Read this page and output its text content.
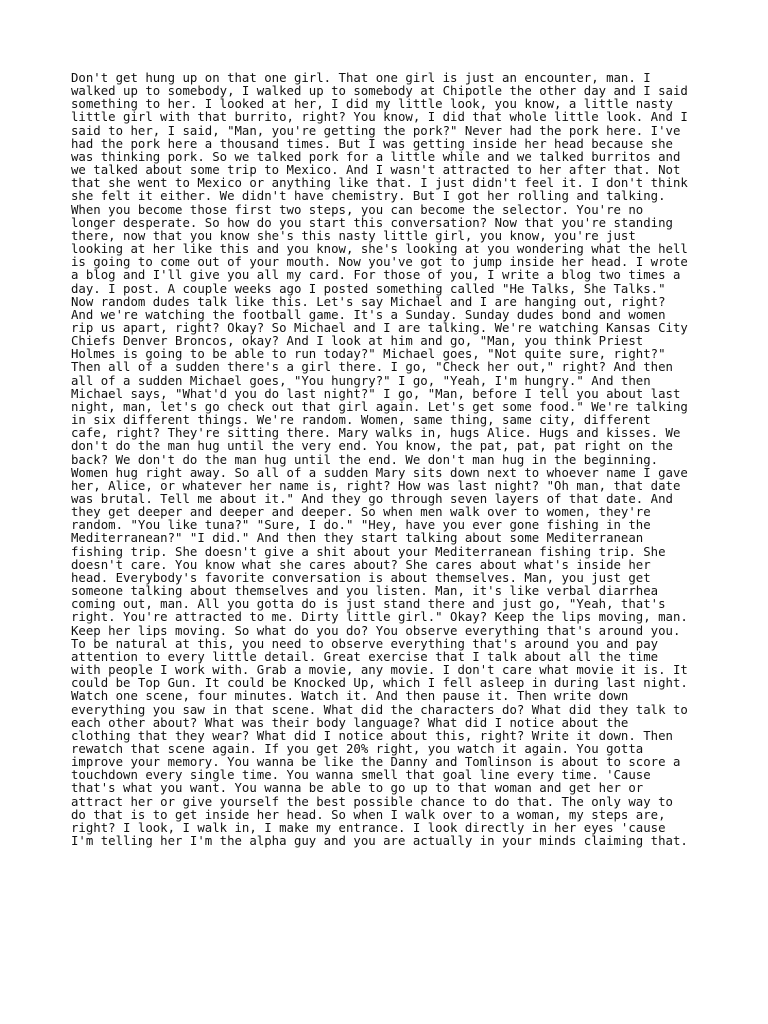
Don't get hung up on that one girl. That one girl is just an encounter, man. I
walked up to somebody, I walked up to somebody at Chipotle the other day and I said
something to her. I looked at her, I did my little look, you know, a little nasty
little girl with that burrito, right? You know, I did that whole little look. And I
said to her, I said, "Man, you're getting the pork?" Never had the pork here. I've
had the pork here a thousand times. But I was getting inside her head because she
was thinking pork. So we talked pork for a little while and we talked burritos and
we talked about some trip to Mexico. And I wasn't attracted to her after that. Not
that she went to Mexico or anything like that. I just didn't feel it. I don't think
she felt it either. We didn't have chemistry. But I got her rolling and talking.
When you become those first two steps, you can become the selector. You're no
longer desperate. So how do you start this conversation? Now that you're standing
there, now that you know she's this nasty little girl, you know, you're just
looking at her like this and you know, she's looking at you wondering what the hell
is going to come out of your mouth. Now you've got to jump inside her head. I wrote
a blog and I'll give you all my card. For those of you, I write a blog two times a
day. I post. A couple weeks ago I posted something called "He Talks, She Talks."
Now random dudes talk like this. Let's say Michael and I are hanging out, right?
And we're watching the football game. It's a Sunday. Sunday dudes bond and women
rip us apart, right? Okay? So Michael and I are talking. We're watching Kansas City
Chiefs Denver Broncos, okay? And I look at him and go, "Man, you think Priest
Holmes is going to be able to run today?" Michael goes, "Not quite sure, right?"
Then all of a sudden there's a girl there. I go, "Check her out," right? And then
all of a sudden Michael goes, "You hungry?" I go, "Yeah, I'm hungry." And then
Michael says, "What'd you do last night?" I go, "Man, before I tell you about last
night, man, let's go check out that girl again. Let's get some food." We're talking
in six different things. We're random. Women, same thing, same city, different
cafe, right? They're sitting there. Mary walks in, hugs Alice. Hugs and kisses. We
don't do the man hug until the very end. You know, the pat, pat, pat right on the
back? We don't do the man hug until the end. We don't man hug in the beginning.
Women hug right away. So all of a sudden Mary sits down next to whoever name I gave
her, Alice, or whatever her name is, right? How was last night? "Oh man, that date
was brutal. Tell me about it." And they go through seven layers of that date. And
they get deeper and deeper and deeper. So when men walk over to women, they're
random. "You like tuna?" "Sure, I do." "Hey, have you ever gone fishing in the
Mediterranean?" "I did." And then they start talking about some Mediterranean
fishing trip. She doesn't give a shit about your Mediterranean fishing trip. She
doesn't care. You know what she cares about? She cares about what's inside her
head. Everybody's favorite conversation is about themselves. Man, you just get
someone talking about themselves and you listen. Man, it's like verbal diarrhea
coming out, man. All you gotta do is just stand there and just go, "Yeah, that's
right. You're attracted to me. Dirty little girl." Okay? Keep the lips moving, man.
Keep her lips moving. So what do you do? You observe everything that's around you.
To be natural at this, you need to observe everything that's around you and pay
attention to every little detail. Great exercise that I talk about all the time
with people I work with. Grab a movie, any movie. I don't care what movie it is. It
could be Top Gun. It could be Knocked Up, which I fell asleep in during last night.
Watch one scene, four minutes. Watch it. And then pause it. Then write down
everything you saw in that scene. What did the characters do? What did they talk to
each other about? What was their body language? What did I notice about the
clothing that they wear? What did I notice about this, right? Write it down. Then
rewatch that scene again. If you get 20% right, you watch it again. You gotta
improve your memory. You wanna be like the Danny and Tomlinson is about to score a
touchdown every single time. You wanna smell that goal line every time. 'Cause
that's what you want. You wanna be able to go up to that woman and get her or
attract her or give yourself the best possible chance to do that. The only way to
do that is to get inside her head. So when I walk over to a woman, my steps are,
right? I look, I walk in, I make my entrance. I look directly in her eyes 'cause
I'm telling her I'm the alpha guy and you are actually in your minds claiming that.
